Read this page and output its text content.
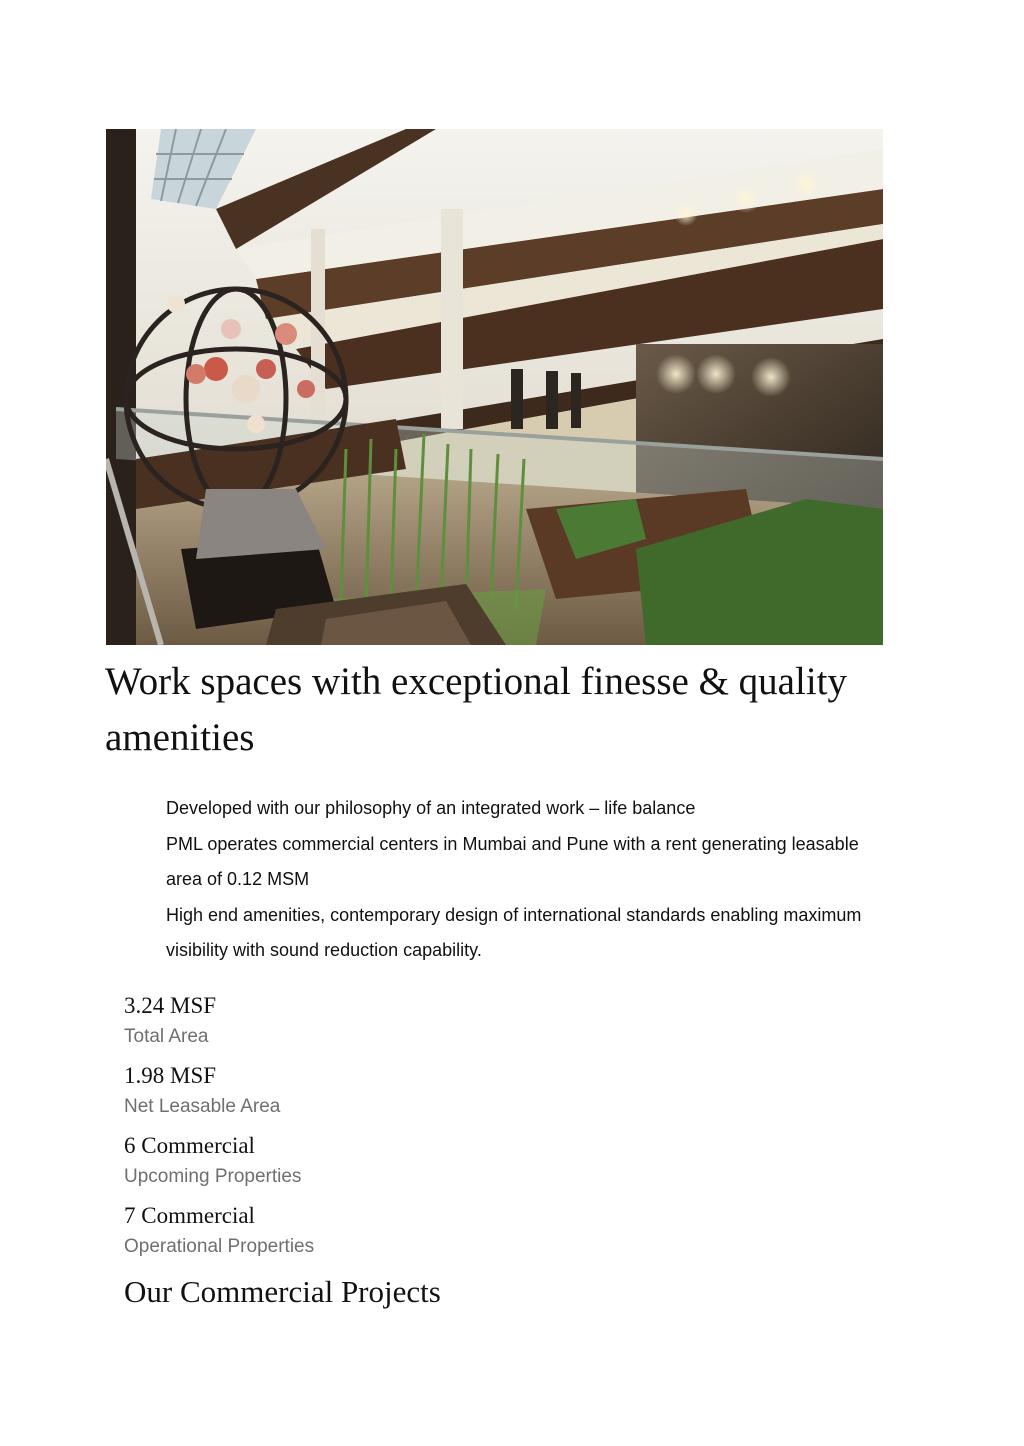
Work spaces with exceptional finesse & quality amenities
Developed with our philosophy of an integrated work – life balance
PML operates commercial centers in Mumbai and Pune with a rent generating leasable area of 0.12 MSM
High end amenities, contemporary design of international standards enabling maximum visibility with sound reduction capability.
3.24 MSF
Total Area
1.98 MSF
Net Leasable Area
6 Commercial
Upcoming Properties
7 Commercial
Operational Properties
Our Commercial Projects
